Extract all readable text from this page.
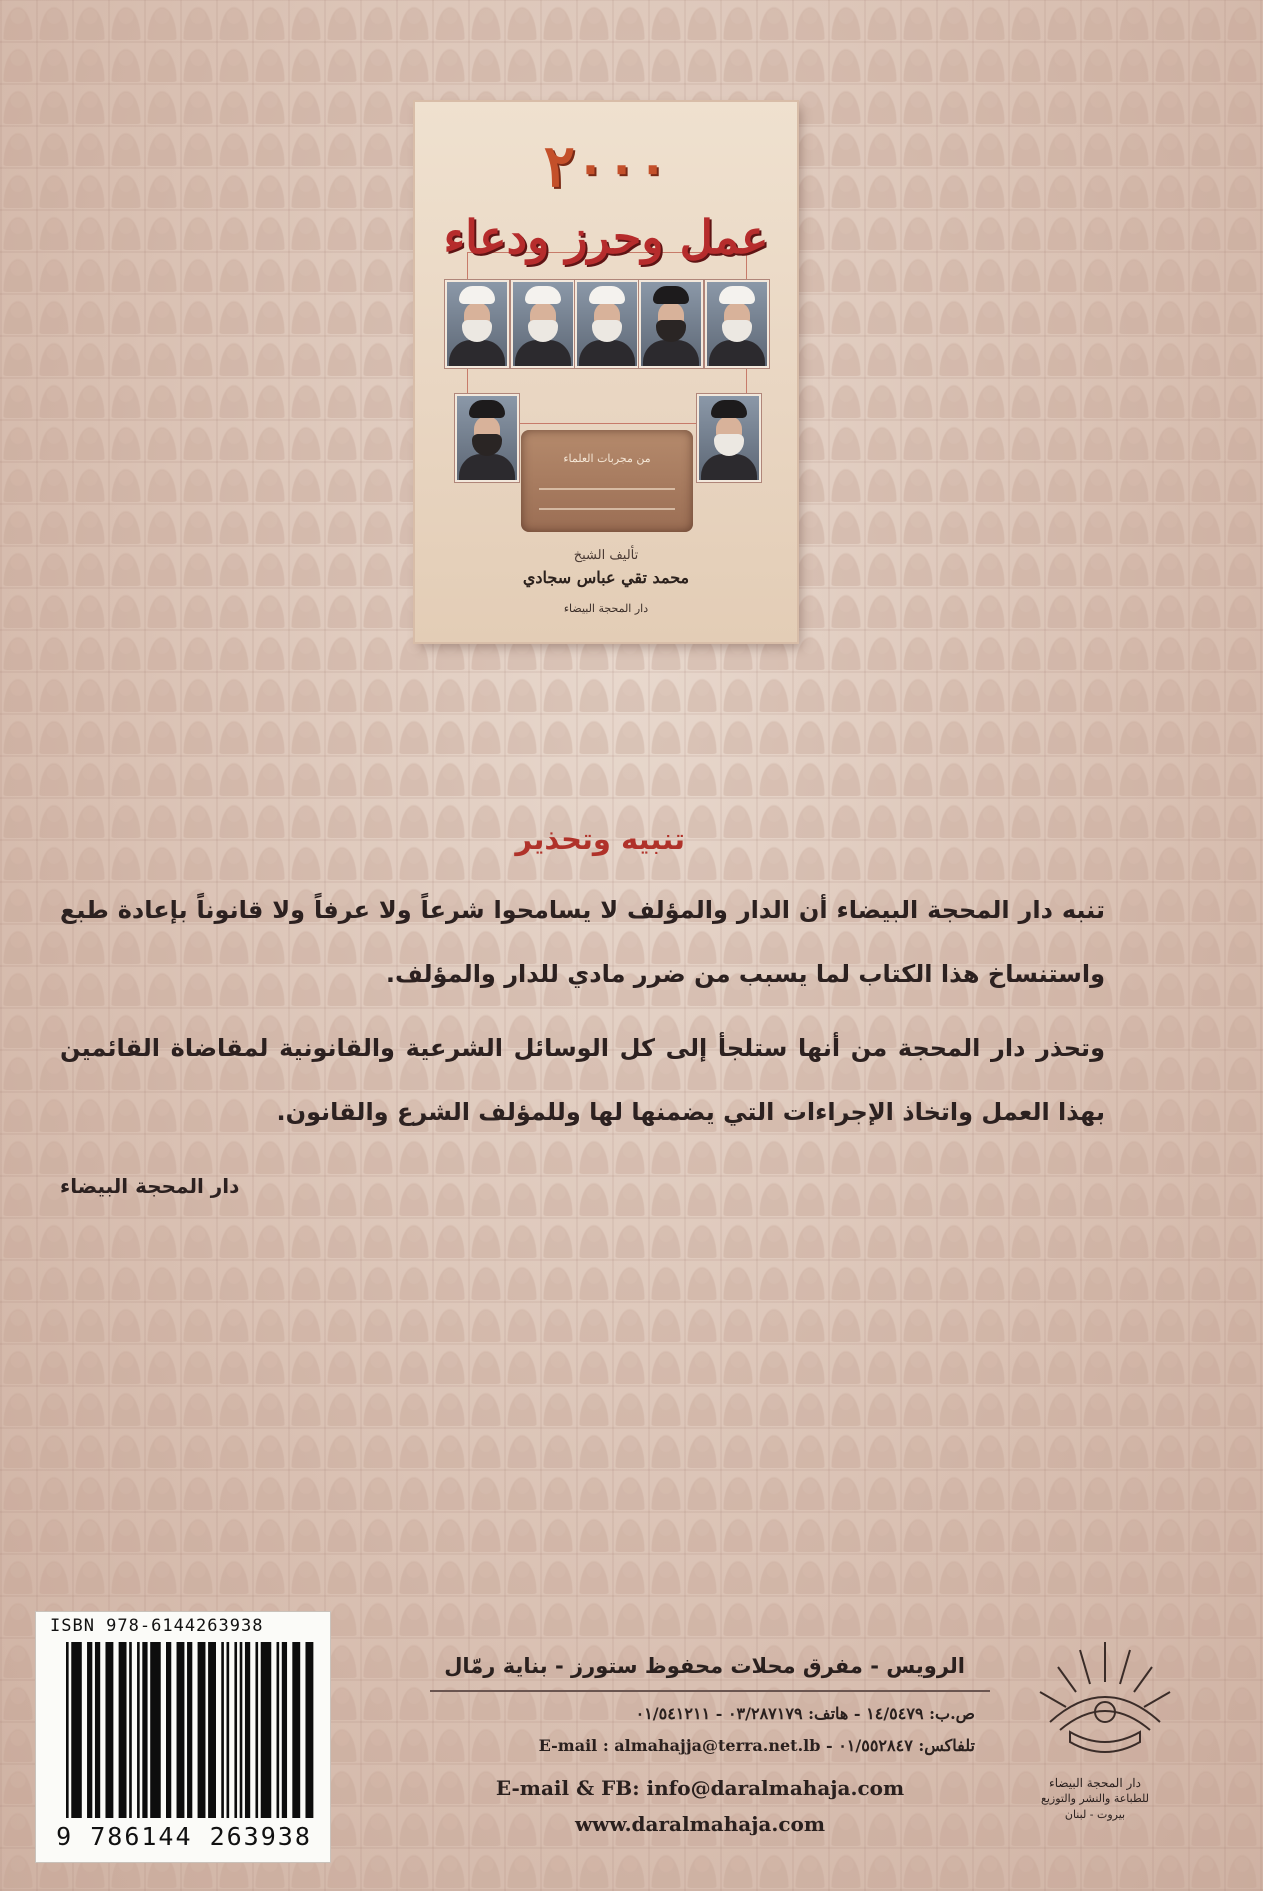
٢٠٠٠
عمل وحرز ودعاء
من مجربات العلماء
تأليف الشيخ
محمد تقي عباس سجادي
دار المحجة البيضاء
تنبيه وتحذير
تنبه دار المحجة البيضاء أن الدار والمؤلف لا يسامحوا شرعاً ولا عرفاً ولا قانوناً بإعادة طبع واستنساخ هذا الكتاب لما يسبب من ضرر مادي للدار والمؤلف.
وتحذر دار المحجة من أنها ستلجأ إلى كل الوسائل الشرعية والقانونية لمقاضاة القائمين بهذا العمل واتخاذ الإجراءات التي يضمنها لها وللمؤلف الشرع والقانون.
دار المحجة البيضاء
ISBN 978-6144263938
9 786144 263938
الرويس - مفرق محلات محفوظ ستورز - بناية رمّال
ص.ب: ١٤/٥٤٧٩ - هاتف: ٠٣/٢٨٧١٧٩ - ٠١/٥٤١٢١١
تلفاكس: ٠١/٥٥٢٨٤٧ - E-mail : almahajja@terra.net.lb
E-mail & FB: info@daralmahaja.com
www.daralmahaja.com
دار المحجة البيضاء
للطباعة والنشر والتوزيع
بيروت - لبنان
